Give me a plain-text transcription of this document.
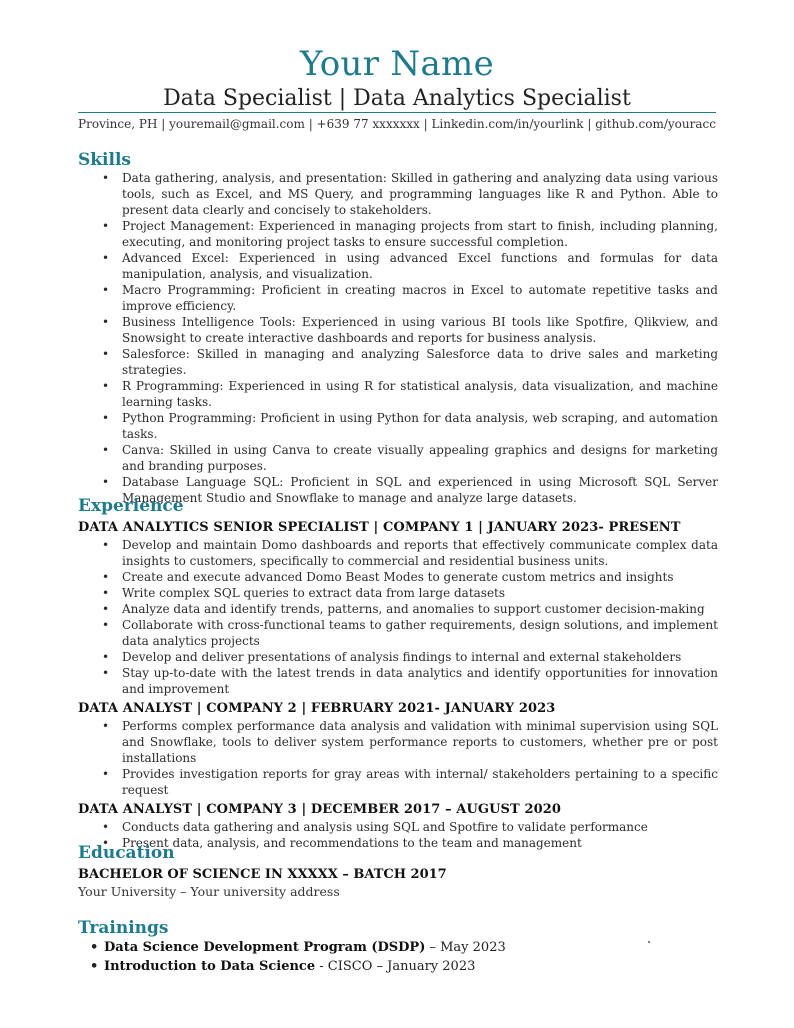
Your Name
Data Specialist | Data Analytics Specialist
Province, PH | youremail@gmail.com | +639 77 xxxxxxx | Linkedin.com/in/yourlink | github.com/youracc
Skills
• Data gathering, analysis, and presentation: Skilled in gathering and analyzing data using various tools, such as Excel, and MS Query, and programming languages like R and Python. Able to present data clearly and concisely to stakeholders.
• Project Management: Experienced in managing projects from start to finish, including planning, executing, and monitoring project tasks to ensure successful completion.
• Advanced Excel: Experienced in using advanced Excel functions and formulas for data manipulation, analysis, and visualization.
• Macro Programming: Proficient in creating macros in Excel to automate repetitive tasks and improve efficiency.
• Business Intelligence Tools: Experienced in using various BI tools like Spotfire, Qlikview, and Snowsight to create interactive dashboards and reports for business analysis.
• Salesforce: Skilled in managing and analyzing Salesforce data to drive sales and marketing strategies.
• R Programming: Experienced in using R for statistical analysis, data visualization, and machine learning tasks.
• Python Programming: Proficient in using Python for data analysis, web scraping, and automation tasks.
• Canva: Skilled in using Canva to create visually appealing graphics and designs for marketing and branding purposes.
• Database Language SQL: Proficient in SQL and experienced in using Microsoft SQL Server Management Studio and Snowflake to manage and analyze large datasets.
Experience
DATA ANALYTICS SENIOR SPECIALIST | COMPANY 1 | JANUARY 2023- PRESENT
• Develop and maintain Domo dashboards and reports that effectively communicate complex data insights to customers, specifically to commercial and residential business units.
• Create and execute advanced Domo Beast Modes to generate custom metrics and insights
• Write complex SQL queries to extract data from large datasets
• Analyze data and identify trends, patterns, and anomalies to support customer decision-making
• Collaborate with cross-functional teams to gather requirements, design solutions, and implement data analytics projects
• Develop and deliver presentations of analysis findings to internal and external stakeholders
• Stay up-to-date with the latest trends in data analytics and identify opportunities for innovation and improvement
DATA ANALYST | COMPANY 2 | FEBRUARY 2021- JANUARY 2023
• Performs complex performance data analysis and validation with minimal supervision using SQL and Snowflake, tools to deliver system performance reports to customers, whether pre or post installations
• Provides investigation reports for gray areas with internal/ stakeholders pertaining to a specific request
DATA ANALYST | COMPANY 3 | DECEMBER 2017 – AUGUST 2020
• Conducts data gathering and analysis using SQL and Spotfire to validate performance
• Present data, analysis, and recommendations to the team and management
Education
BACHELOR OF SCIENCE IN XXXXX – BATCH 2017
Your University – Your university address
Trainings
• Data Science Development Program (DSDP) – May 2023
• Introduction to Data Science - CISCO – January 2023
